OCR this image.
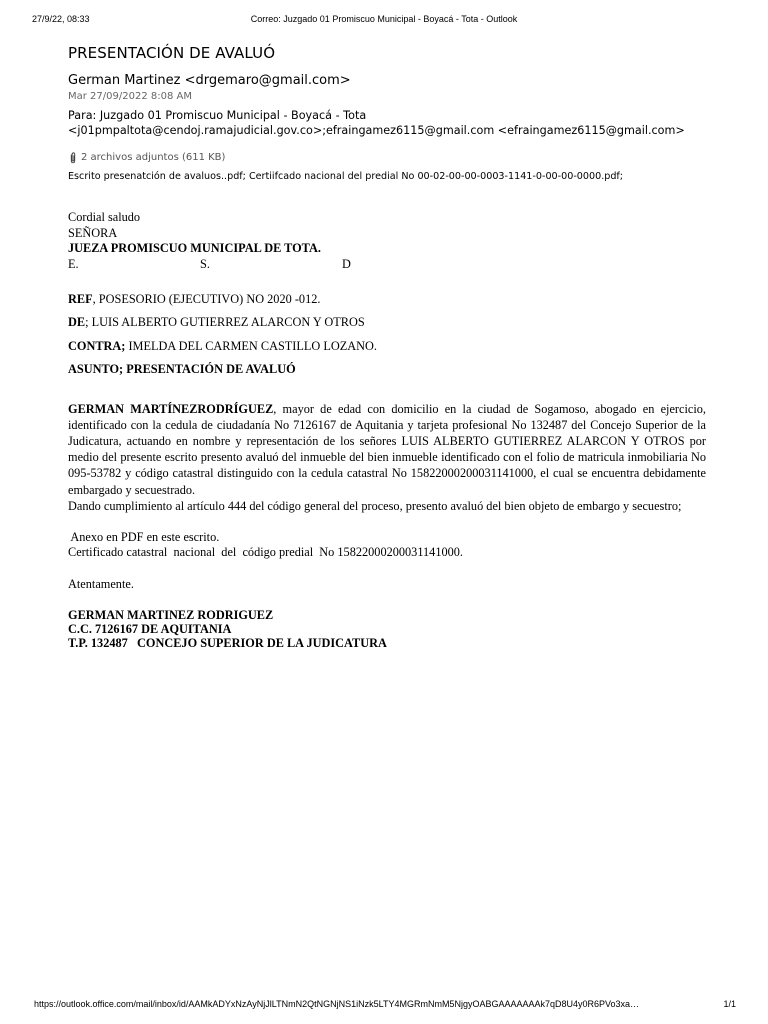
27/9/22, 08:33	Correo: Juzgado 01 Promiscuo Municipal - Boyacá - Tota - Outlook
PRESENTACIÓN DE AVALUÓ
German Martinez <drgemaro@gmail.com>
Mar 27/09/2022 8:08 AM
Para: Juzgado 01 Promiscuo Municipal - Boyacá - Tota
<j01pmpaltota@cendoj.ramajudicial.gov.co>;efraingamez6115@gmail.com <efraingamez6115@gmail.com>
2 archivos adjuntos (611 KB)
Escrito presenatción de avaluos..pdf; Certiifcado nacional del predial No 00-02-00-00-0003-1141-0-00-00-0000.pdf;

Cordial saludo

SEÑORA

JUEZA PROMISCUO MUNICIPAL DE TOTA.

E.	S.	D

REF, POSESORIO (EJECUTIVO) NO 2020 -012.

DE; LUIS ALBERTO GUTIERREZ ALARCON Y OTROS

CONTRA; IMELDA DEL CARMEN CASTILLO LOZANO.

ASUNTO; PRESENTACIÓN DE AVALUÓ

GERMAN MARTÍNEZRODRÍGUEZ, mayor de edad con domicilio en la ciudad de Sogamoso, abogado en ejercicio, identificado con la cedula de ciudadanía No 7126167 de Aquitania y tarjeta profesional No 132487 del Concejo Superior de la Judicatura, actuando en nombre y representación de los señores LUIS ALBERTO GUTIERREZ ALARCON Y OTROS por medio del presente escrito presento avaluó del inmueble del bien inmueble identificado con el folio de matricula inmobiliaria No 095-53782 y código catastral distinguido con la cedula catastral No 15822000200031141000, el cual se encuentra debidamente embargado y secuestrado.

Dando cumplimiento al artículo 444 del código general del proceso, presento avaluó del bien objeto de embargo y secuestro;

Anexo en PDF en este escrito.

Certificado catastral  nacional  del  código predial  No 15822000200031141000.

Atentamente.

GERMAN MARTINEZ RODRIGUEZ

C.C. 7126167 DE AQUITANIA

T.P. 132487   CONCEJO SUPERIOR DE LA JUDICATURA

https://outlook.office.com/mail/inbox/id/AAMkADYxNzAyNjJlLTNmN2QtNGNjNS1iNzk5LTY4MGRmNmM5NjgyOABGAAAAAAAk7qD8U4y0R6PVo3xa…	1/1
